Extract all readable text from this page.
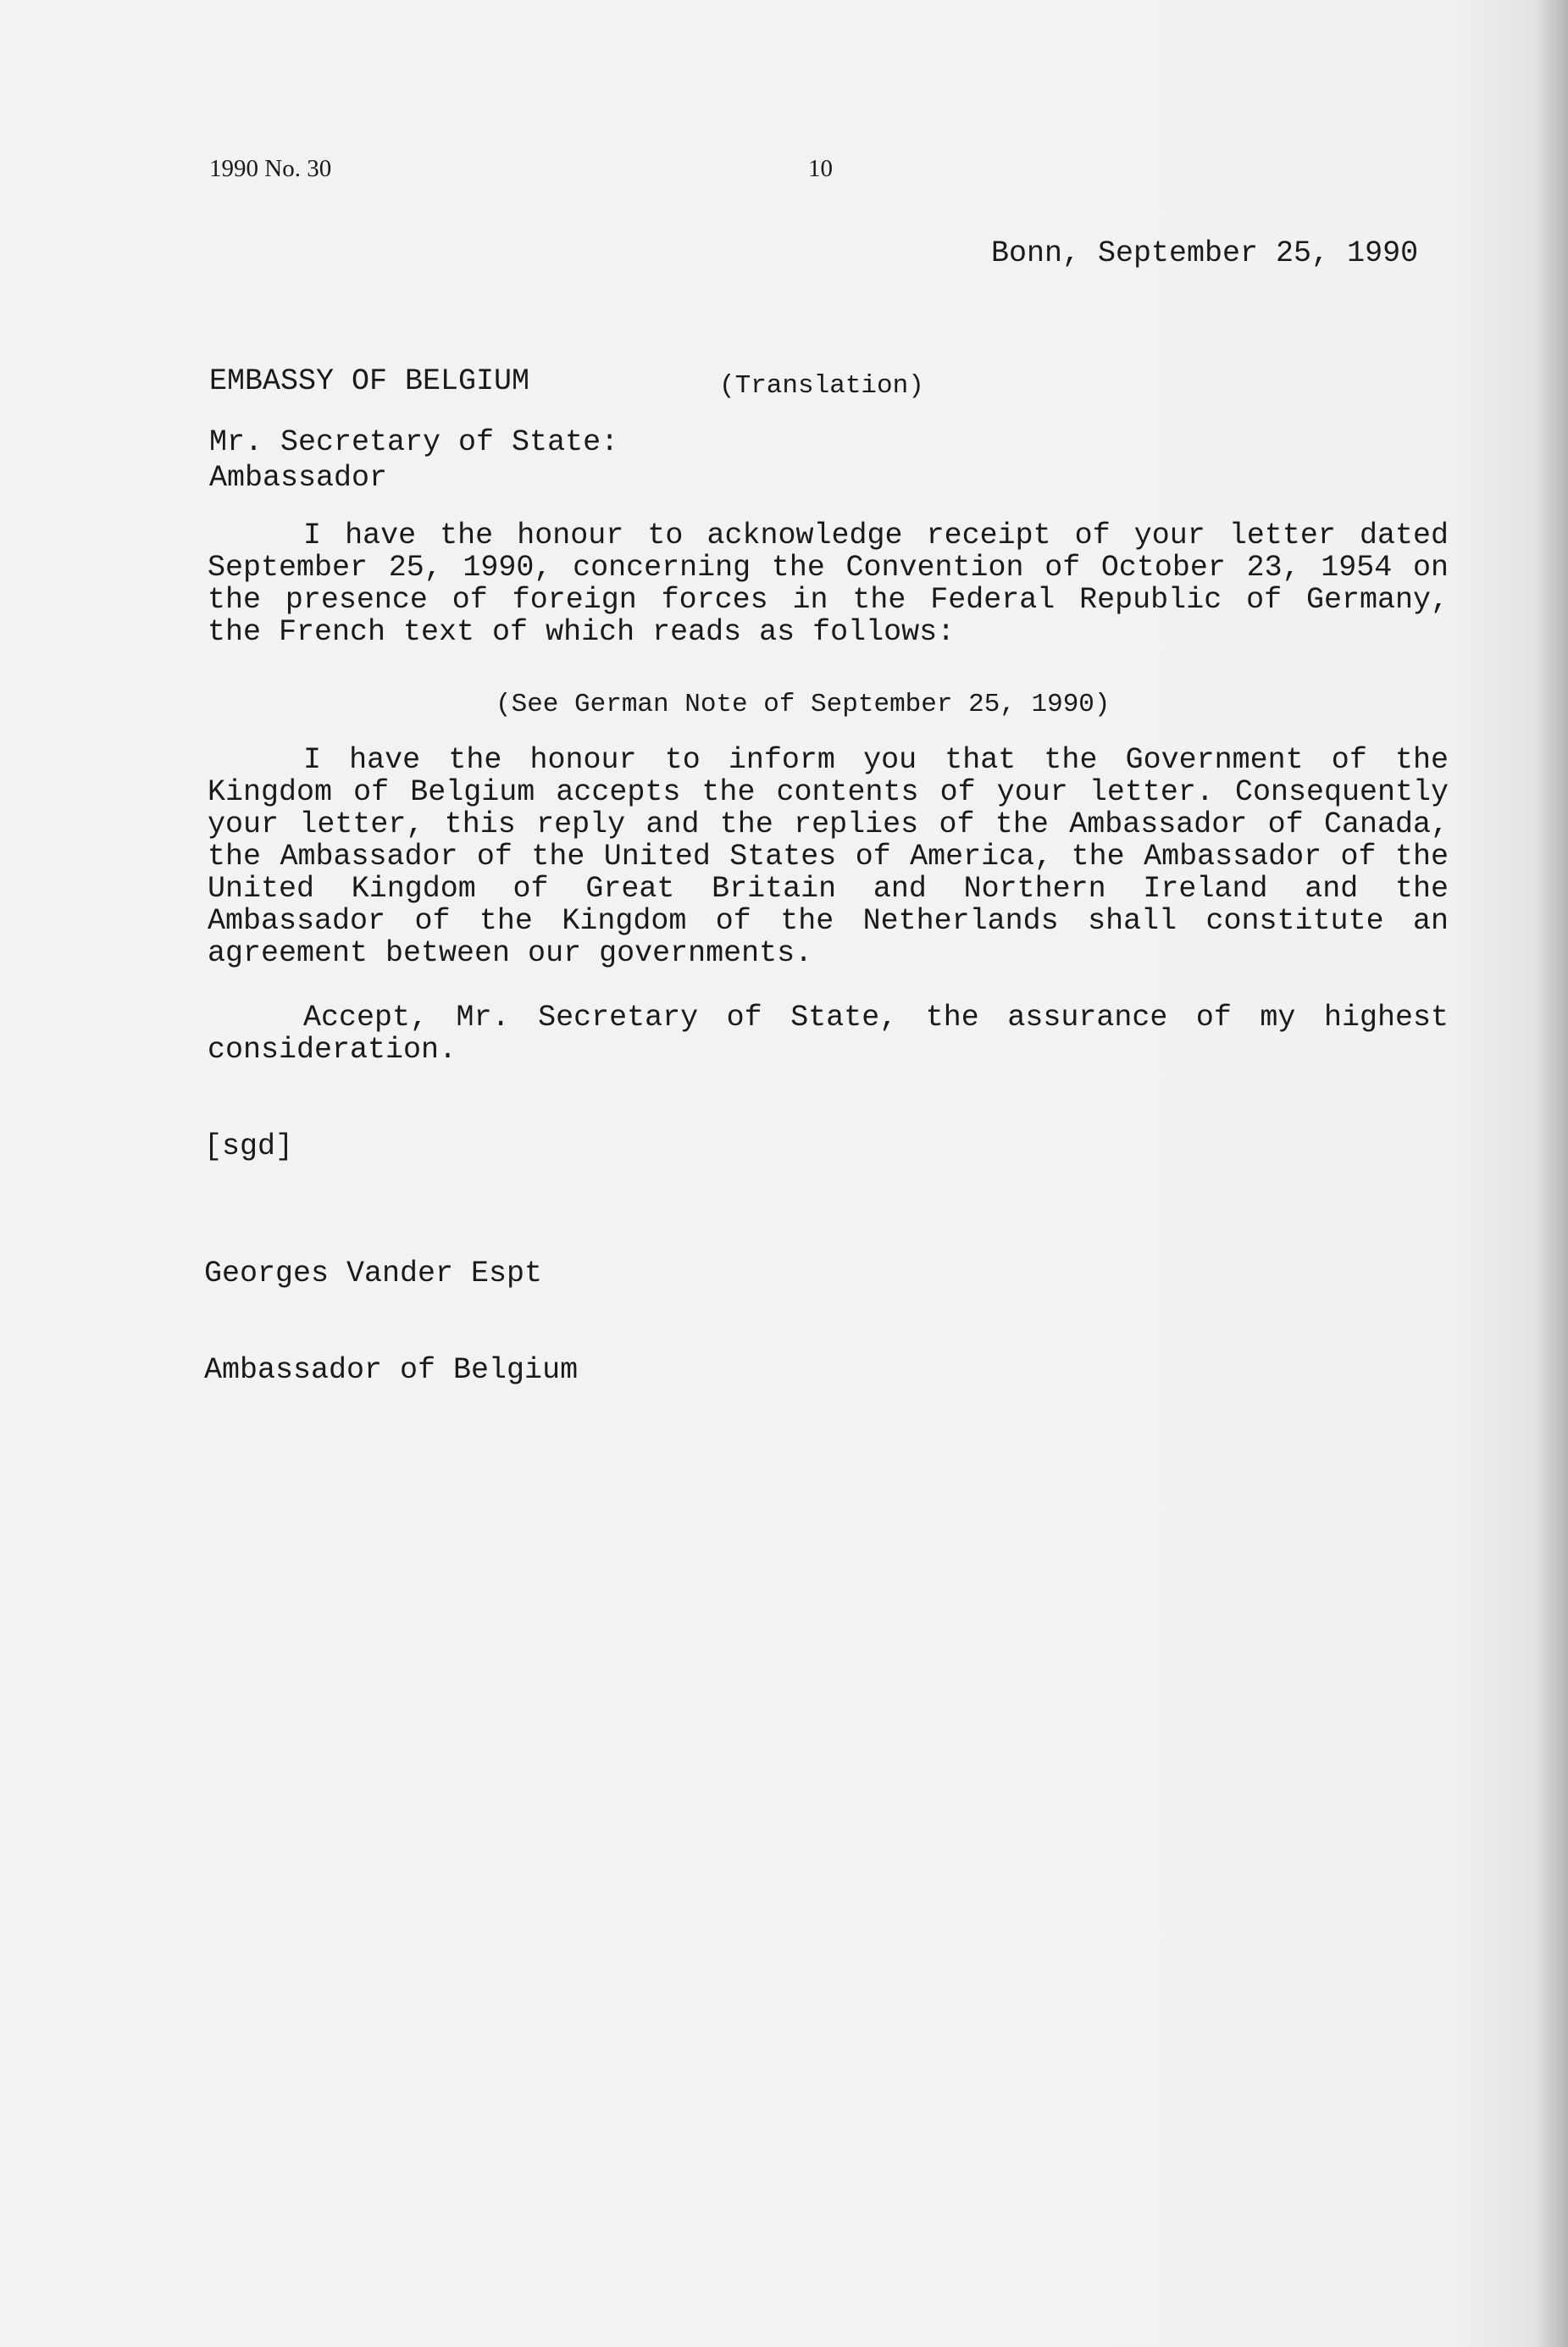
1990 No. 30	10
Bonn, September 25, 1990

EMBASSY OF BELGIUM

Ambassador

(Translation)
Mr. Secretary of State:
I have the honour to acknowledge receipt of your letter dated September 25, 1990, concerning the Convention of October 23, 1954 on the presence of foreign forces in the Federal Republic of Germany, the French text of which reads as follows:
(See German Note of September 25, 1990)
I have the honour to inform you that the Government of the Kingdom of Belgium accepts the contents of your letter. Consequently your letter, this reply and the replies of the Ambassador of Canada, the Ambassador of the United States of America, the Ambassador of the United Kingdom of Great Britain and Northern Ireland and the Ambassador of the Kingdom of the Netherlands shall constitute an agreement between our governments.
Accept, Mr. Secretary of State, the assurance of my highest consideration.
[sgd]

Georges Vander Espt

Ambassador of Belgium
